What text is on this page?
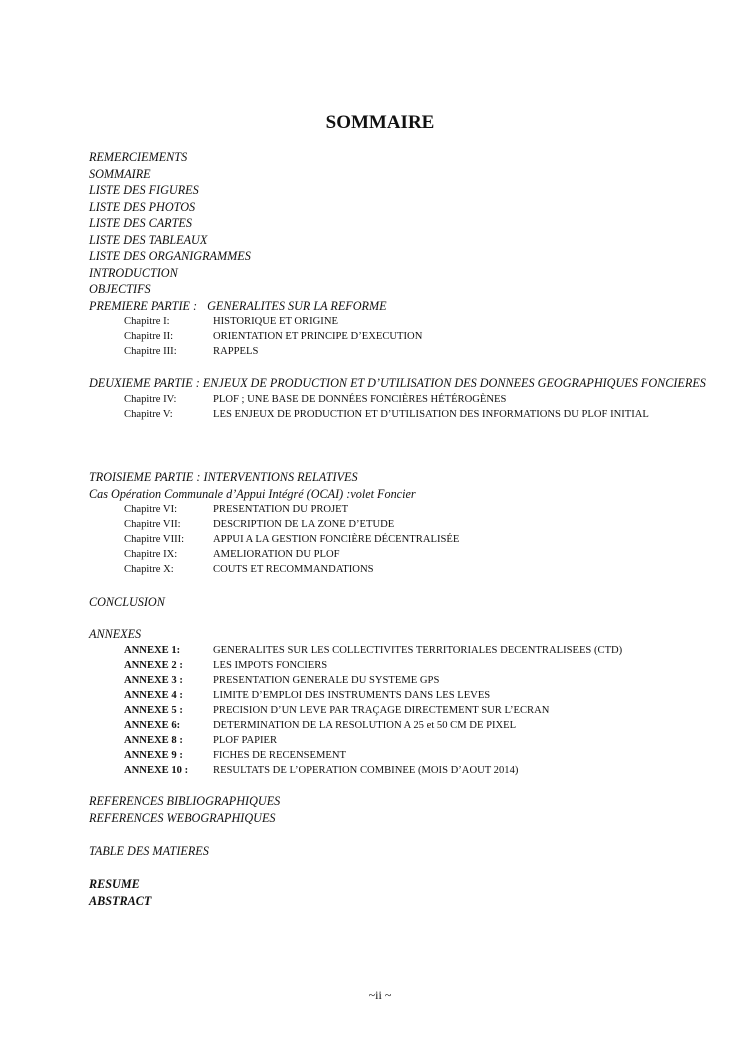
SOMMAIRE
REMERCIEMENTS
SOMMAIRE
LISTE DES FIGURES
LISTE DES PHOTOS
LISTE DES CARTES
LISTE DES TABLEAUX
LISTE DES ORGANIGRAMMES
INTRODUCTION
OBJECTIFS
PREMIERE PARTIE : GENERALITES SUR LA REFORME
Chapitre I:	HISTORIQUE ET ORIGINE
Chapitre II:	ORIENTATION ET PRINCIPE D’EXECUTION
Chapitre III:	RAPPELS
DEUXIEME PARTIE : ENJEUX DE PRODUCTION ET D’UTILISATION DES DONNEES GEOGRAPHIQUES FONCIERES
Chapitre IV:	PLOF ; UNE BASE DE DONNÉES FONCIÈRES HÉTÉROGÈNES
Chapitre V:	LES ENJEUX DE PRODUCTION ET D’UTILISATION DES INFORMATIONS DU PLOF INITIAL
TROISIEME PARTIE : INTERVENTIONS RELATIVES
Cas Opération Communale d’Appui Intégré (OCAI) :volet Foncier
Chapitre VI:	PRESENTATION DU PROJET
Chapitre VII:	DESCRIPTION DE LA ZONE D’ETUDE
Chapitre VIII:	APPUI A LA GESTION FONCIÈRE DÉCENTRALISÉE
Chapitre IX:	AMELIORATION DU PLOF
Chapitre X:	COUTS ET RECOMMANDATIONS
CONCLUSION
ANNEXES
ANNEXE 1:	GENERALITES SUR LES COLLECTIVITES TERRITORIALES DECENTRALISEES (CTD)
ANNEXE 2 :	LES IMPOTS FONCIERS
ANNEXE 3 :	PRESENTATION GENERALE DU SYSTEME GPS
ANNEXE 4 :	LIMITE D’EMPLOI DES INSTRUMENTS DANS LES LEVES
ANNEXE 5 :	PRECISION D’UN LEVE PAR TRAÇAGE DIRECTEMENT SUR L’ECRAN
ANNEXE 6:	DETERMINATION DE LA RESOLUTION A 25 et 50 CM DE PIXEL
ANNEXE 8 :	PLOF PAPIER
ANNEXE 9 :	FICHES DE RECENSEMENT
ANNEXE 10 :	RESULTATS DE L’OPERATION COMBINEE (MOIS D’AOUT 2014)
REFERENCES BIBLIOGRAPHIQUES
REFERENCES WEBOGRAPHIQUES
TABLE DES MATIERES
RESUME
ABSTRACT
~ii ~
